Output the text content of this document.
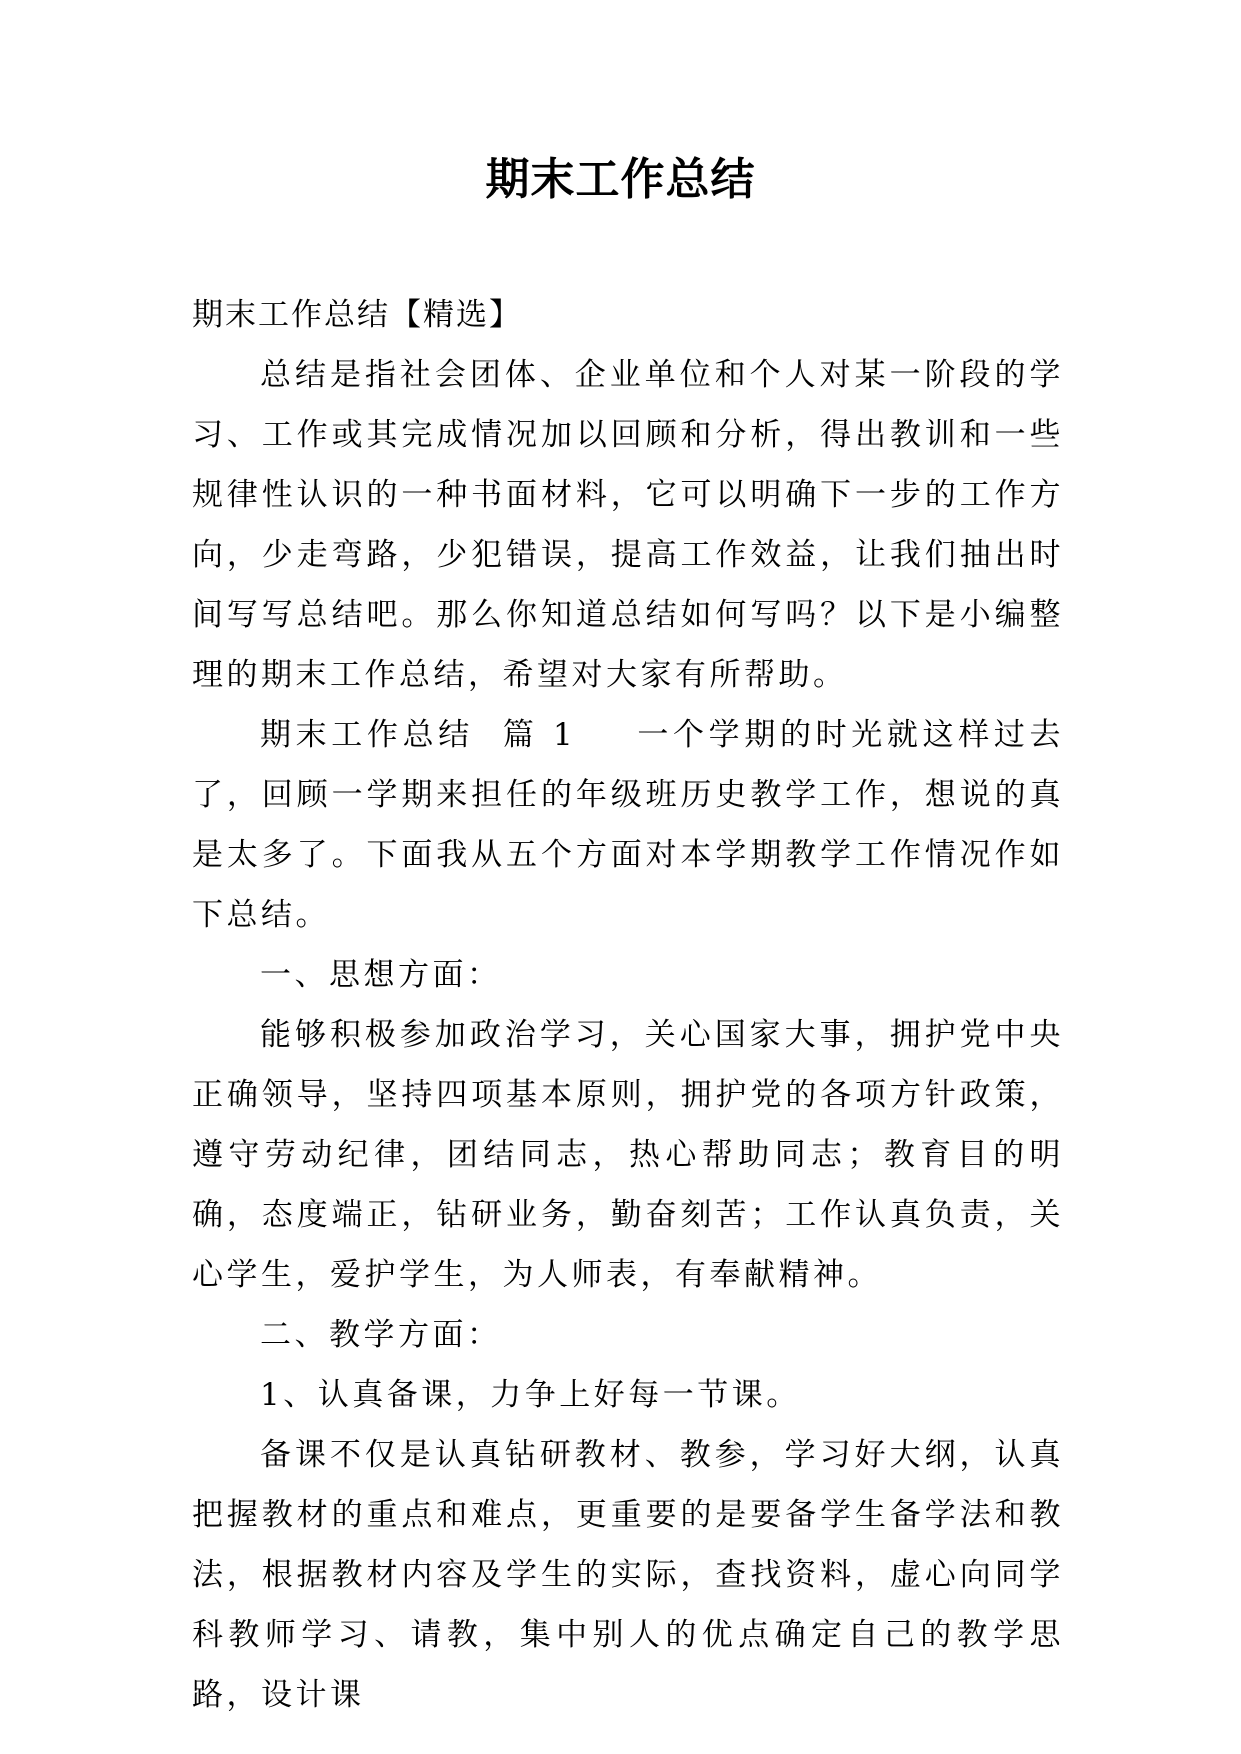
期末工作总结

期末工作总结【精选】

总结是指社会团体、企业单位和个人对某一阶段的学习、工作或其完成情况加以回顾和分析，得出教训和一些规律性认识的一种书面材料，它可以明确下一步的工作方向，少走弯路，少犯错误，提高工作效益，让我们抽出时间写写总结吧。那么你知道总结如何写吗？以下是小编整理的期末工作总结，希望对大家有所帮助。

期末工作总结  篇 1 一个学期的时光就这样过去了，回顾一学期来担任的年级班历史教学工作，想说的真是太多了。下面我从五个方面对本学期教学工作情况作如下总结。

一、思想方面：

能够积极参加政治学习，关心国家大事，拥护党中央正确领导，坚持四项基本原则，拥护党的各项方针政策，遵守劳动纪律，团结同志，热心帮助同志；教育目的明确，态度端正，钻研业务，勤奋刻苦；工作认真负责，关心学生，爱护学生，为人师表，有奉献精神。

二、教学方面：

1、认真备课，力争上好每一节课。

备课不仅是认真钻研教材、教参，学习好大纲，认真把握教材的重点和难点，更重要的是要备学生备学法和教法，根据教材内容及学生的实际，查找资料，虚心向同学科教师学习、请教，集中别人的优点确定自己的教学思路，设计课
